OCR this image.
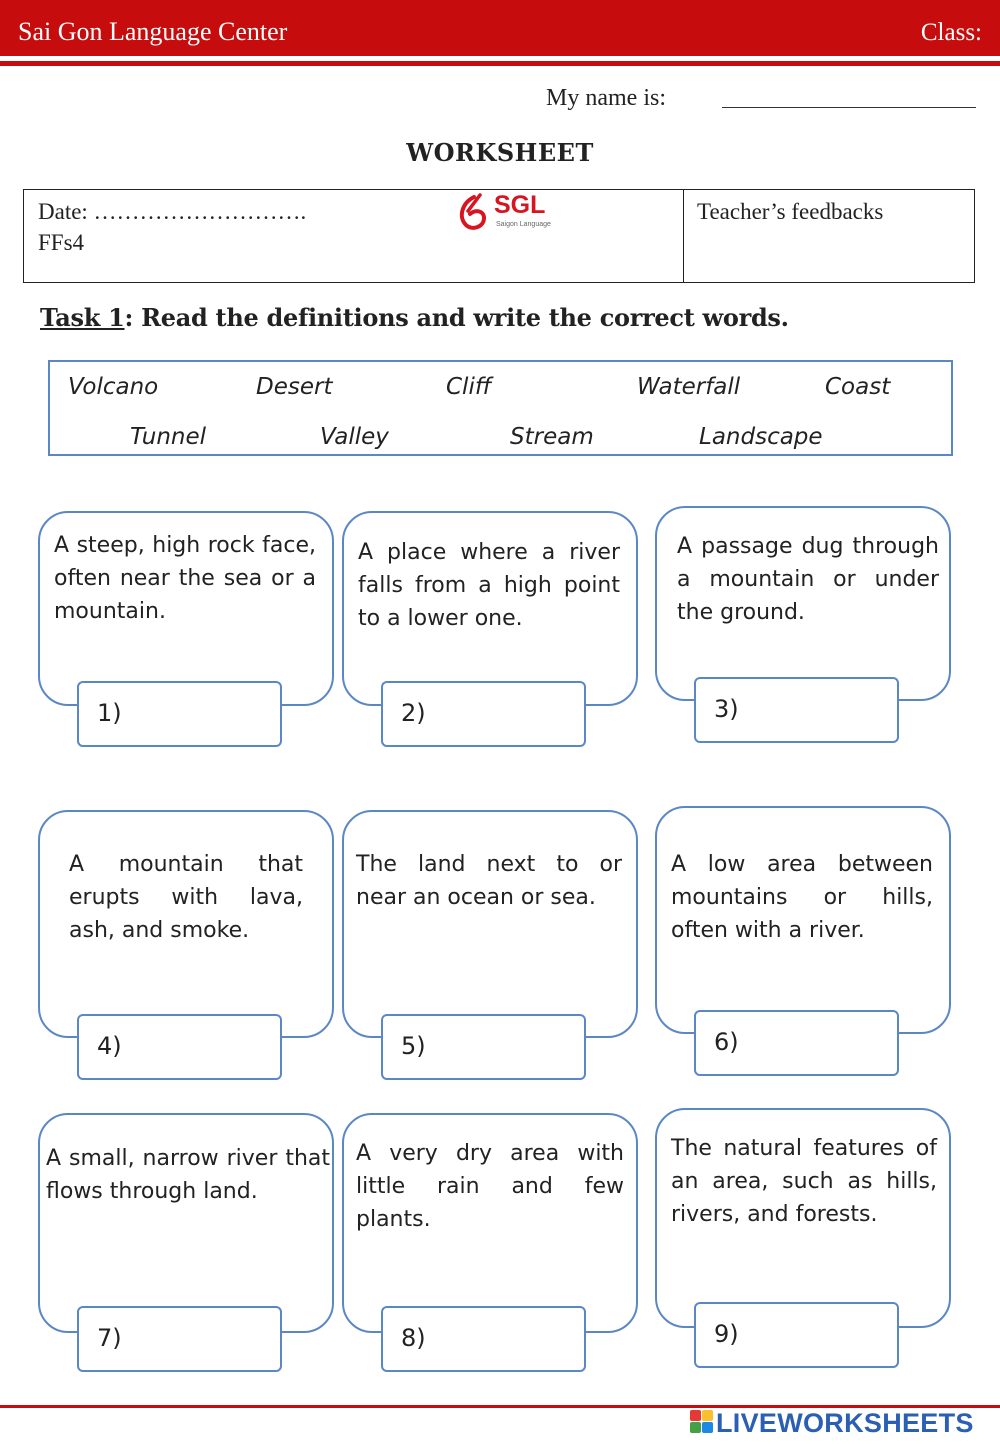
Sai Gon Language Center	Class:
My name is:
WORKSHEET
Date: ……………………….
FFs4
SGL
Saigon Language
Teacher’s feedbacks
Task 1: Read the definitions and write the correct words.
Volcano	Desert	Cliff	Waterfall	Coast
Tunnel	Valley	Stream	Landscape
A steep, high rock face, often near the sea or a mountain.
1)
A place where a river falls from a high point to a lower one.
2)
A passage dug through a mountain or under the ground.
3)
A mountain that erupts with lava, ash, and smoke.
4)
The land next to or near an ocean or sea.
5)
A low area between mountains or hills, often with a river.
6)
A small, narrow river that flows through land.
7)
A very dry area with little rain and few plants.
8)
The natural features of an area, such as hills, rivers, and forests.
9)
LIVEWORKSHEETS
